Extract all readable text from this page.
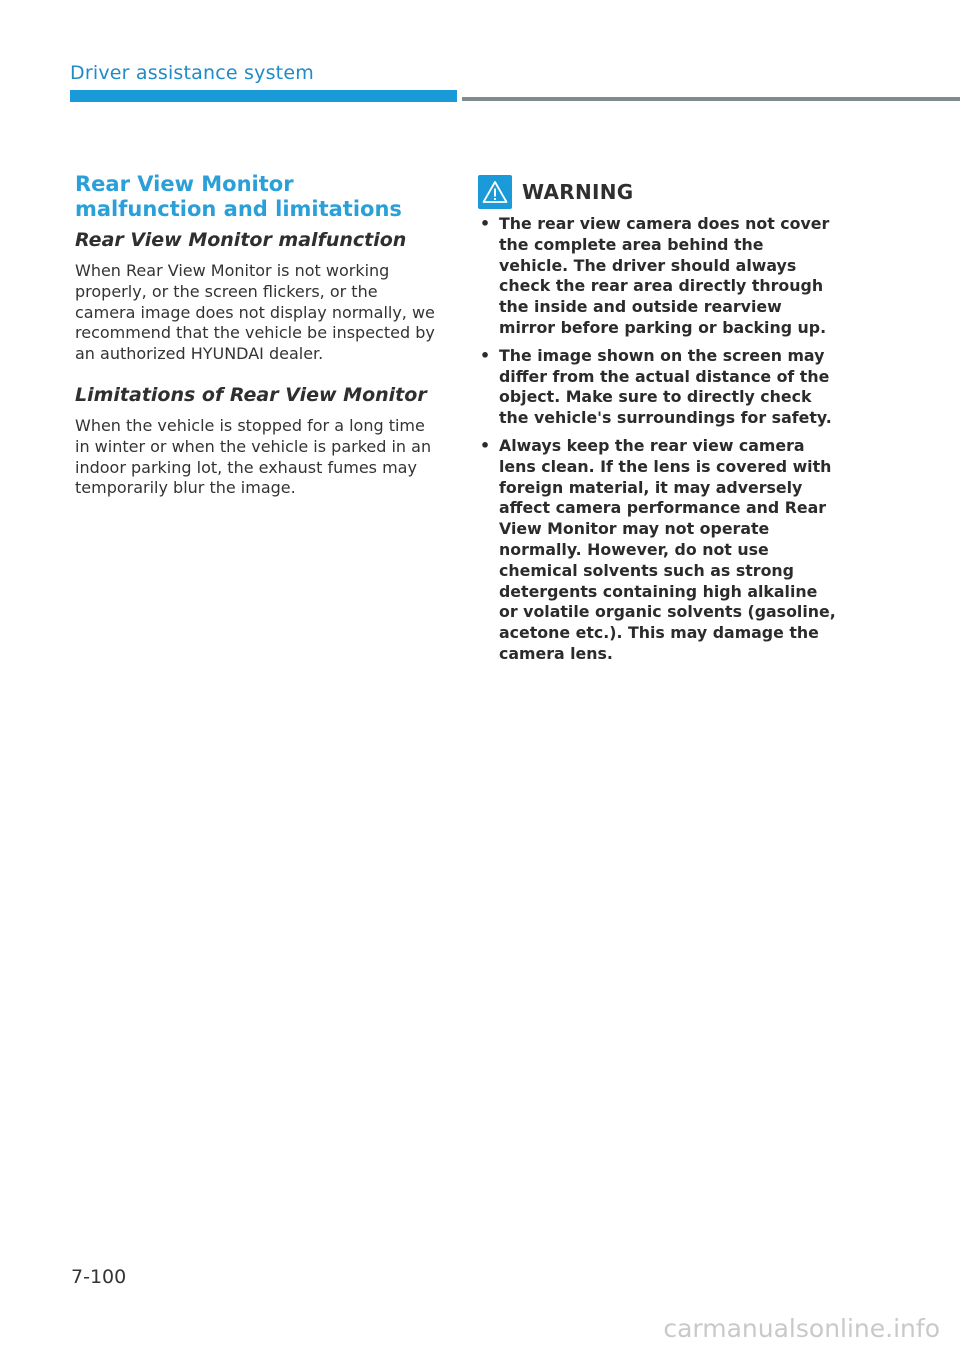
Driver assistance system
Rear View Monitor malfunction and limitations
Rear View Monitor malfunction

When Rear View Monitor is not working properly, or the screen flickers, or the camera image does not display normally, we recommend that the vehicle be inspected by an authorized HYUNDAI dealer.

Limitations of Rear View Monitor

When the vehicle is stopped for a long time in winter or when the vehicle is parked in an indoor parking lot, the exhaust fumes may temporarily blur the image.

WARNING
• The rear view camera does not cover the complete area behind the vehicle. The driver should always check the rear area directly through the inside and outside rearview mirror before parking or backing up.
• The image shown on the screen may differ from the actual distance of the object. Make sure to directly check the vehicle's surroundings for safety.
• Always keep the rear view camera lens clean. If the lens is covered with foreign material, it may adversely affect camera performance and Rear View Monitor may not operate normally. However, do not use chemical solvents such as strong detergents containing high alkaline or volatile organic solvents (gasoline, acetone etc.). This may damage the camera lens.
7-100
carmanualsonline.info
